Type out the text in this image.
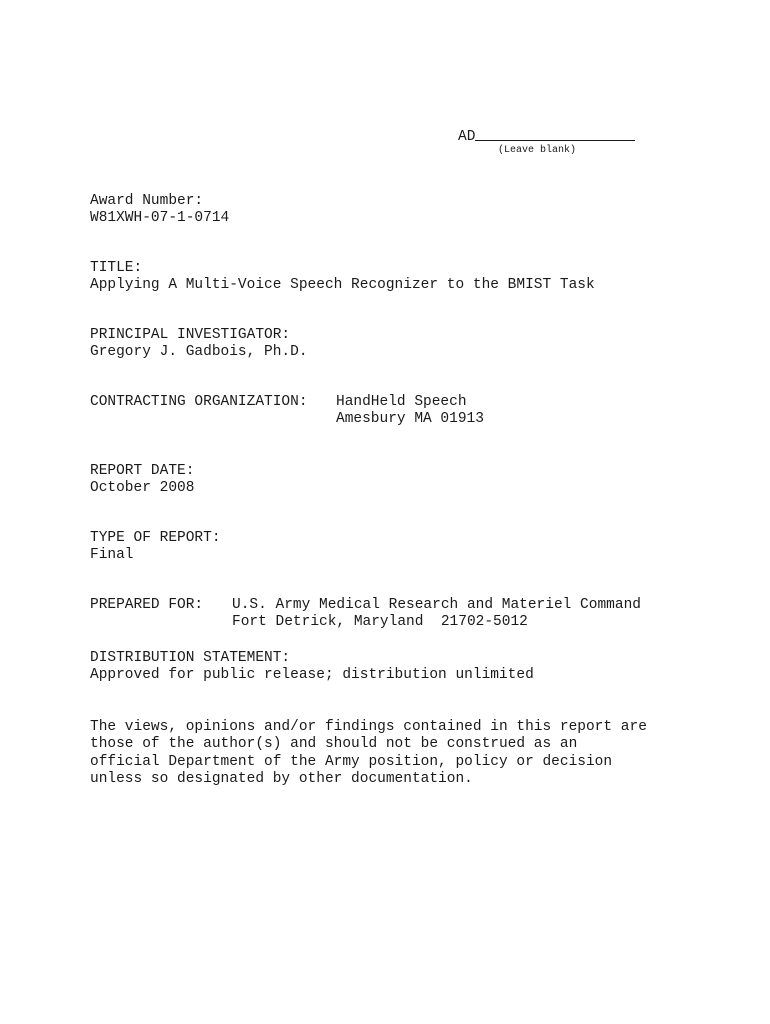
AD
(Leave blank)
Award Number:
W81XWH-07-1-0714
TITLE:
Applying A Multi-Voice Speech Recognizer to the BMIST Task
PRINCIPAL INVESTIGATOR:
Gregory J. Gadbois, Ph.D.
CONTRACTING ORGANIZATION: HandHeld Speech
Amesbury MA 01913
REPORT DATE:
October 2008
TYPE OF REPORT:
Final
PREPARED FOR: U.S. Army Medical Research and Materiel Command
Fort Detrick, Maryland  21702-5012
DISTRIBUTION STATEMENT:
Approved for public release; distribution unlimited
The views, opinions and/or findings contained in this report are
those of the author(s) and should not be construed as an
official Department of the Army position, policy or decision
unless so designated by other documentation.
